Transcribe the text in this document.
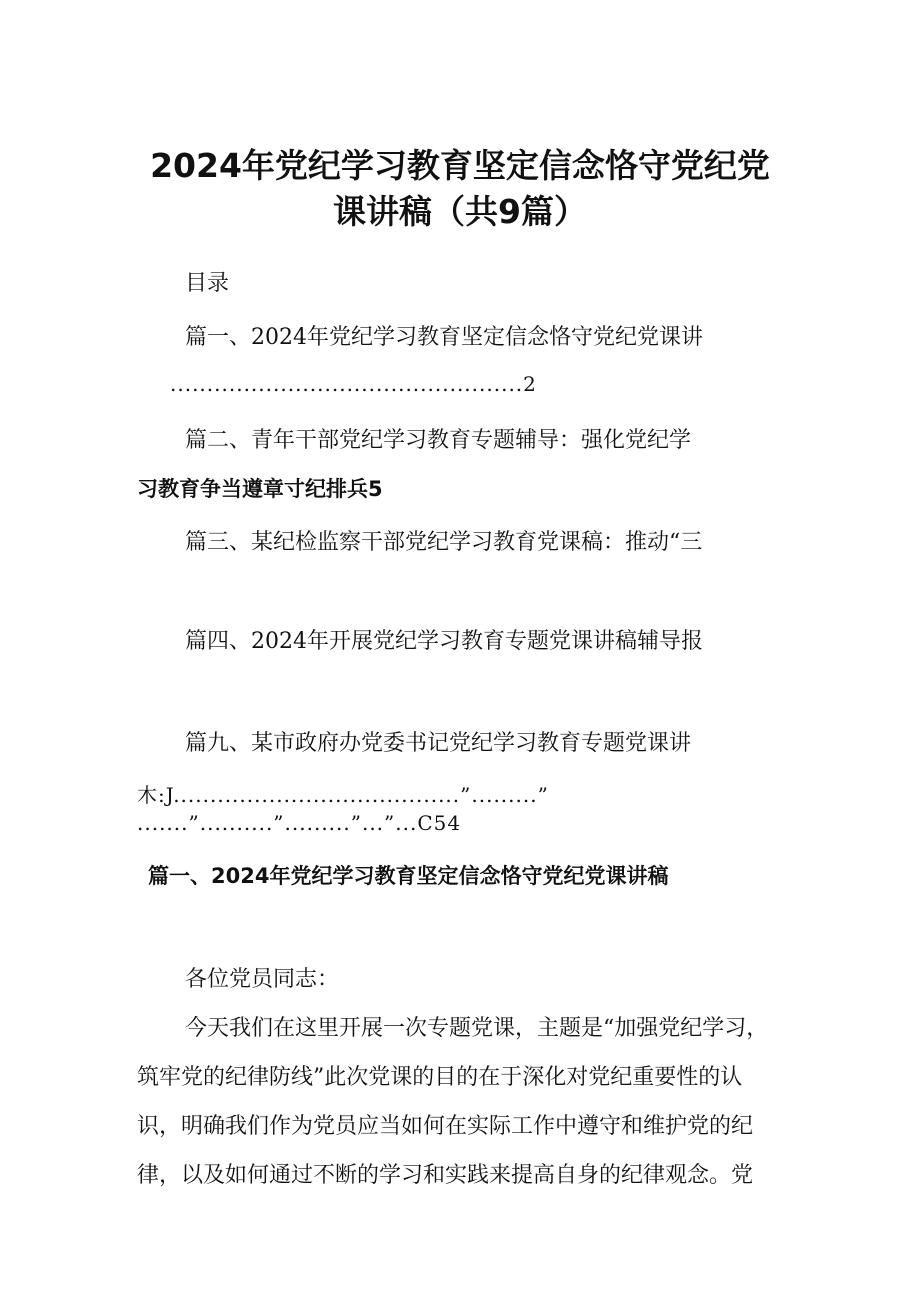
2024年党纪学习教育坚定信念恪守党纪党
课讲稿（共9篇）
目录
篇一、2024年党纪学习教育坚定信念恪守党纪党课讲
................................................2
篇二、青年干部党纪学习教育专题辅导：强化党纪学
习教育争当遵章寸纪排兵5
篇三、某纪检监察干部党纪学习教育党课稿：推动“三
篇四、2024年开展党纪学习教育专题党课讲稿辅导报
篇九、某市政府办党委书记党纪学习教育专题党课讲
木:J.......................................”.........”
.......”..........”.........”...”...C54
篇一、2024年党纪学习教育坚定信念恪守党纪党课讲稿
各位党员同志：
今天我们在这里开展一次专题党课，主题是“加强党纪学习，
筑牢党的纪律防线”此次党课的目的在于深化对党纪重要性的认
识，明确我们作为党员应当如何在实际工作中遵守和维护党的纪
律，以及如何通过不断的学习和实践来提高自身的纪律观念。党
